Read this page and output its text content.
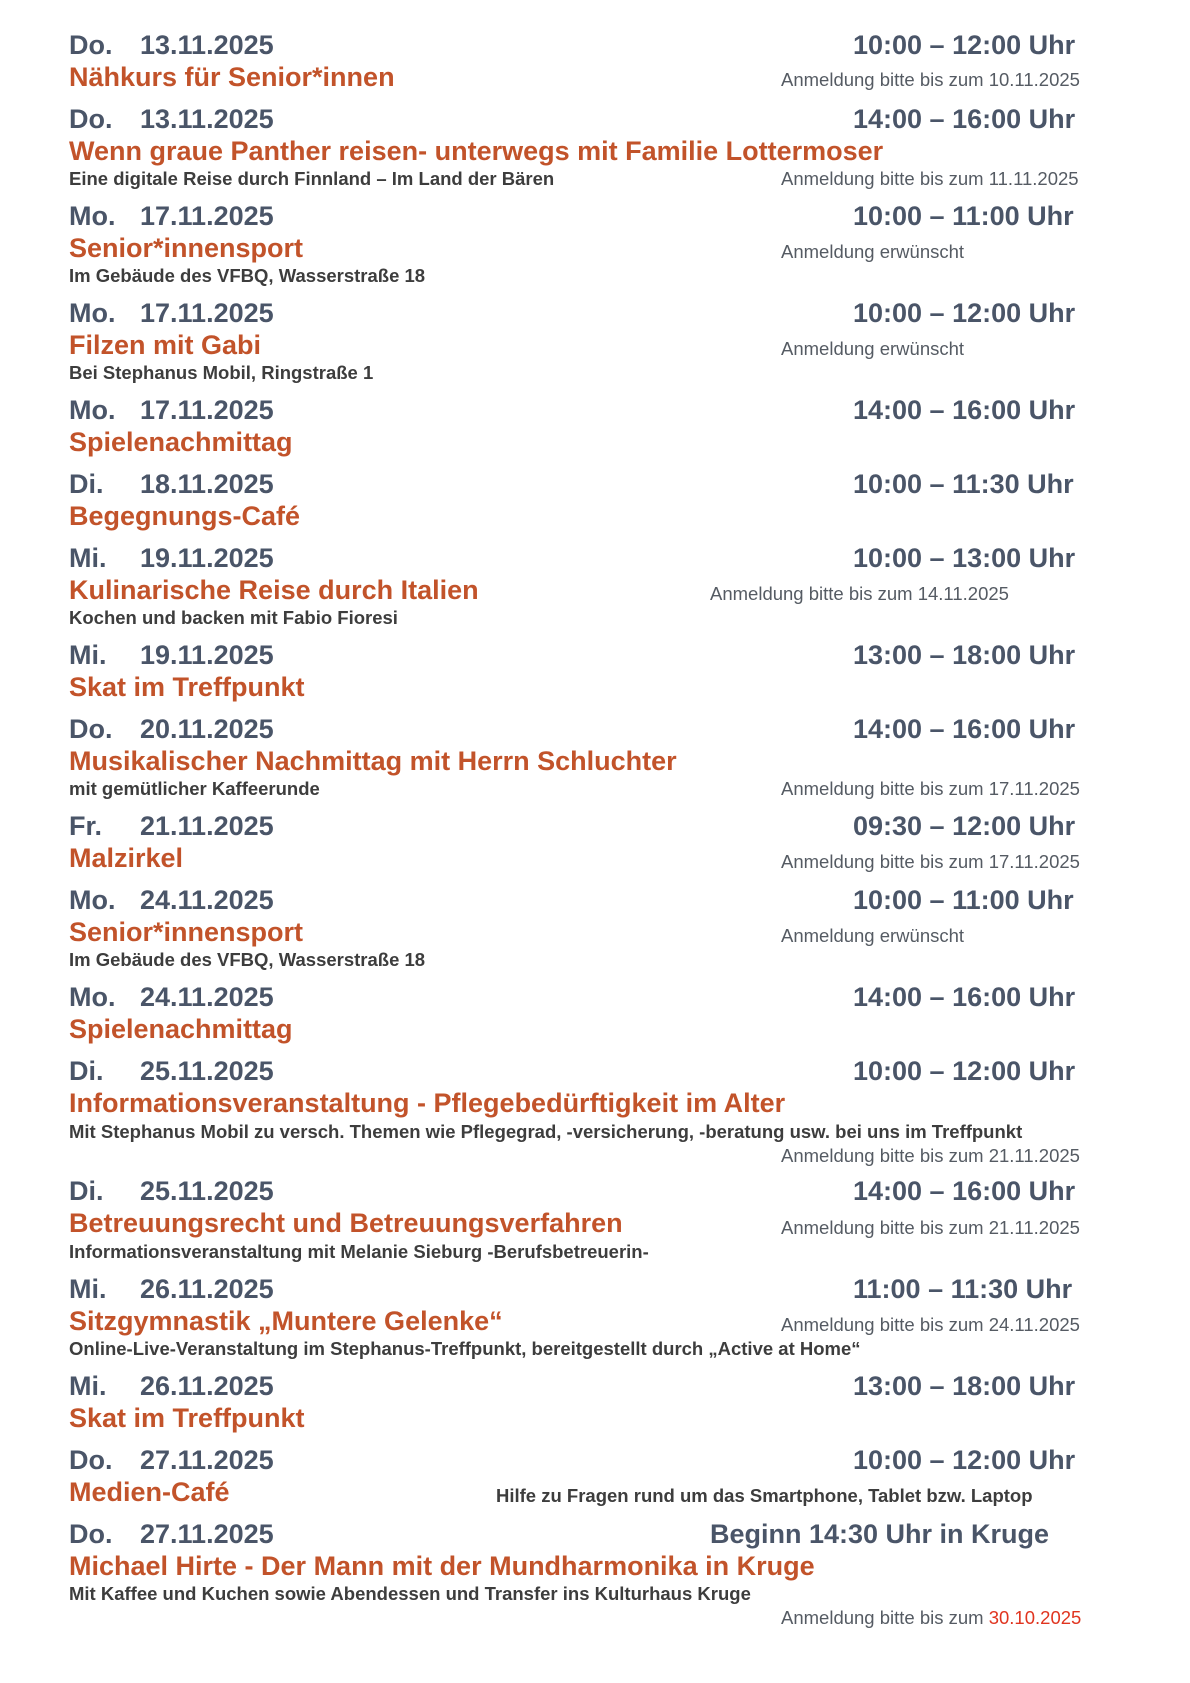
Do. 13.11.2025	10:00 – 12:00 Uhr
Nähkurs für Senior*innen	Anmeldung bitte bis zum 10.11.2025
Do. 13.11.2025	14:00 – 16:00 Uhr
Wenn graue Panther reisen- unterwegs mit Familie Lottermoser
Eine digitale Reise durch Finnland – Im Land der Bären	Anmeldung bitte bis zum 11.11.2025
Mo. 17.11.2025	10:00 – 11:00 Uhr
Senior*innensport	Anmeldung erwünscht
Im Gebäude des VFBQ, Wasserstraße 18
Mo. 17.11.2025	10:00 – 12:00 Uhr
Filzen mit Gabi	Anmeldung erwünscht
Bei Stephanus Mobil, Ringstraße 1
Mo. 17.11.2025	14:00 – 16:00 Uhr
Spielenachmittag
Di. 18.11.2025	10:00 – 11:30 Uhr
Begegnungs-Café
Mi. 19.11.2025	10:00 – 13:00 Uhr
Kulinarische Reise durch Italien	Anmeldung bitte bis zum 14.11.2025
Kochen und backen mit Fabio Fioresi
Mi. 19.11.2025	13:00 – 18:00 Uhr
Skat im Treffpunkt
Do. 20.11.2025	14:00 – 16:00 Uhr
Musikalischer Nachmittag mit Herrn Schluchter
mit gemütlicher Kaffeerunde	Anmeldung bitte bis zum 17.11.2025
Fr. 21.11.2025	09:30 – 12:00 Uhr
Malzirkel	Anmeldung bitte bis zum 17.11.2025
Mo. 24.11.2025	10:00 – 11:00 Uhr
Senior*innensport	Anmeldung erwünscht
Im Gebäude des VFBQ, Wasserstraße 18
Mo. 24.11.2025	14:00 – 16:00 Uhr
Spielenachmittag
Di. 25.11.2025	10:00 – 12:00 Uhr
Informationsveranstaltung - Pflegebedürftigkeit im Alter
Mit Stephanus Mobil zu versch. Themen wie Pflegegrad, -versicherung, -beratung usw. bei uns im Treffpunkt
Anmeldung bitte bis zum 21.11.2025
Di. 25.11.2025	14:00 – 16:00 Uhr
Betreuungsrecht und Betreuungsverfahren	Anmeldung bitte bis zum 21.11.2025
Informationsveranstaltung mit Melanie Sieburg -Berufsbetreuerin-
Mi. 26.11.2025	11:00 – 11:30 Uhr
Sitzgymnastik „Muntere Gelenke“	Anmeldung bitte bis zum 24.11.2025
Online-Live-Veranstaltung im Stephanus-Treffpunkt, bereitgestellt durch „Active at Home“
Mi. 26.11.2025	13:00 – 18:00 Uhr
Skat im Treffpunkt
Do. 27.11.2025	10:00 – 12:00 Uhr
Medien-Café	Hilfe zu Fragen rund um das Smartphone, Tablet bzw. Laptop
Do. 27.11.2025	Beginn 14:30 Uhr in Kruge
Michael Hirte - Der Mann mit der Mundharmonika in Kruge
Mit Kaffee und Kuchen sowie Abendessen und Transfer ins Kulturhaus Kruge
Anmeldung bitte bis zum 30.10.2025
